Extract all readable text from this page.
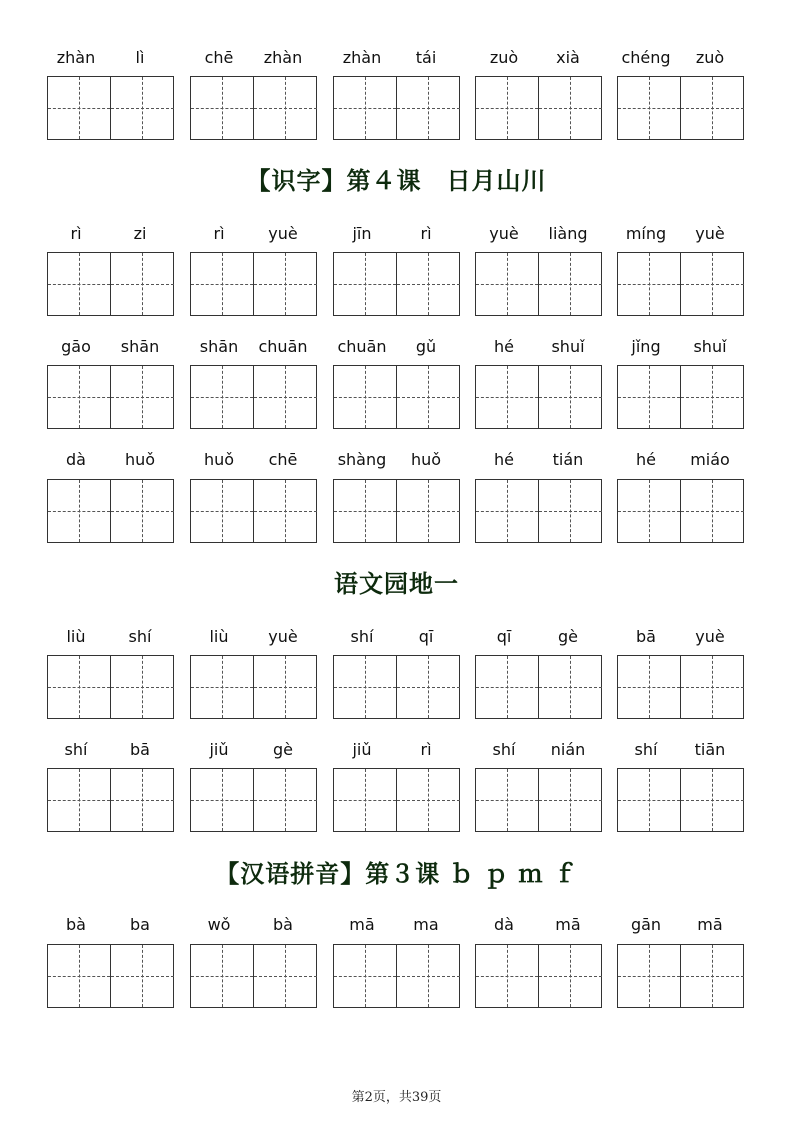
zhàn	lì	chē	zhàn	zhàn	tái	zuò	xià	chéng	zuò
【识字】第４课　日月山川
rì	zi	rì	yuè	jīn	rì	yuè	liàng	míng	yuè
gāo	shān	shān	chuān	chuān	gǔ	hé	shuǐ	jǐng	shuǐ
dà	huǒ	huǒ	chē	shàng	huǒ	hé	tián	hé	miáo
语文园地一
liù	shí	liù	yuè	shí	qī	qī	gè	bā	yuè
shí	bā	jiǔ	gè	jiǔ	rì	shí	nián	shí	tiān
【汉语拼音】第３课 ｂ ｐ ｍ ｆ
bà	ba	wǒ	bà	mā	ma	dà	mā	gān	mā
第2页，共39页
